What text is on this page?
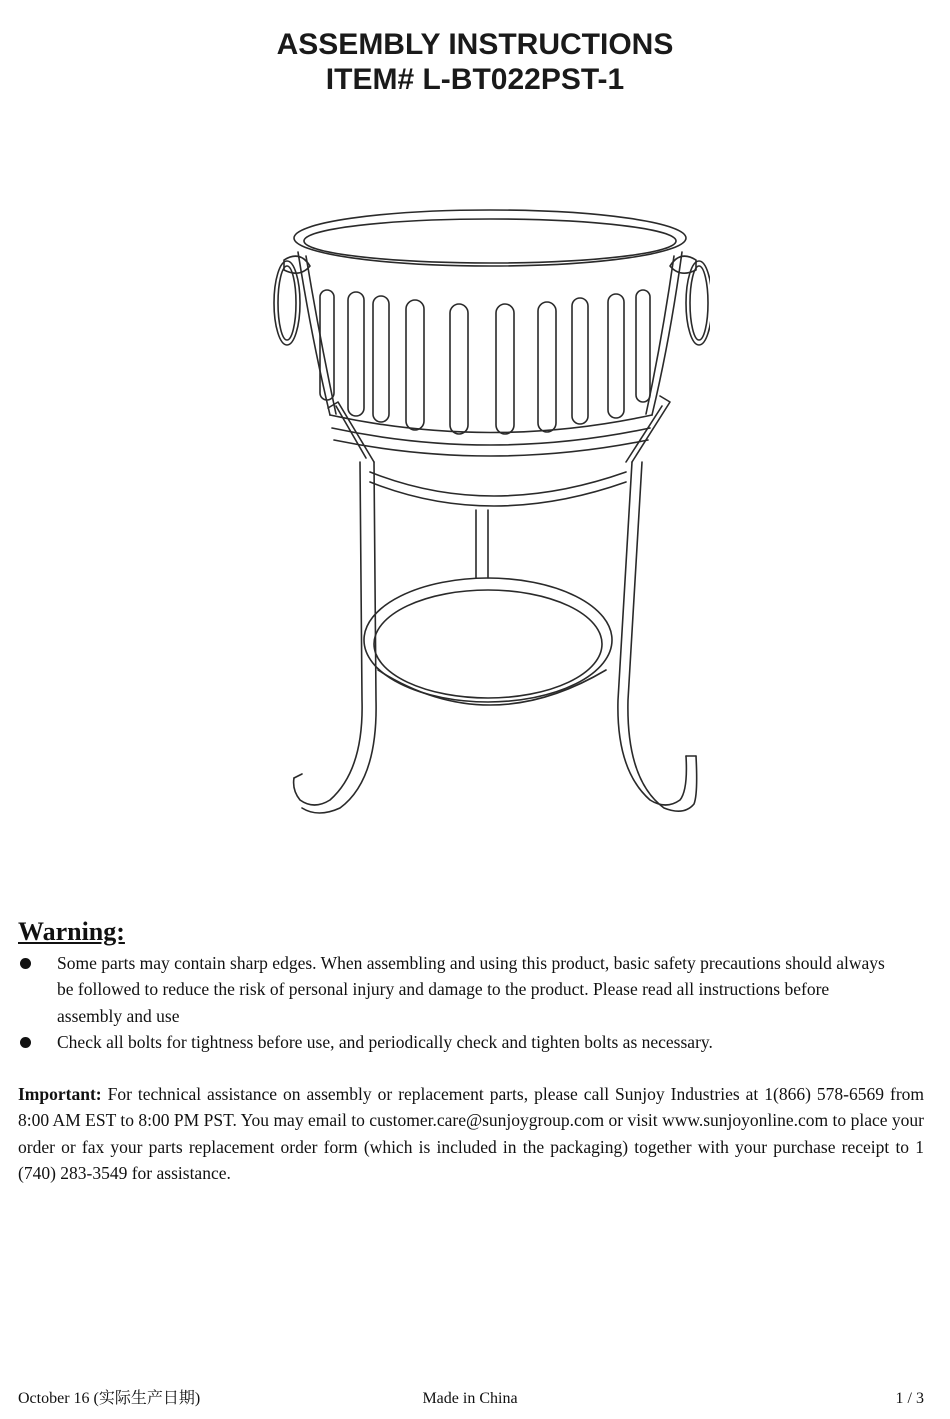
ASSEMBLY INSTRUCTIONS
ITEM# L-BT022PST-1
Warning:
Some parts may contain sharp edges. When assembling and using this product, basic safety precautions should always be followed to reduce the risk of personal injury and damage to the product. Please read all instructions before assembly and use
Check all bolts for tightness before use, and periodically check and tighten bolts as necessary.

Important: For technical assistance on assembly or replacement parts, please call Sunjoy Industries at 1(866) 578-6569 from 8:00 AM EST to 8:00 PM PST. You may email to customer.care@sunjoygroup.com or visit www.sunjoyonline.com to place your order or fax your parts replacement order form (which is included in the packaging) together with your purchase receipt to 1 (740) 283-3549 for assistance.

October 16 (实际生产日期)	Made in China	1 / 3
